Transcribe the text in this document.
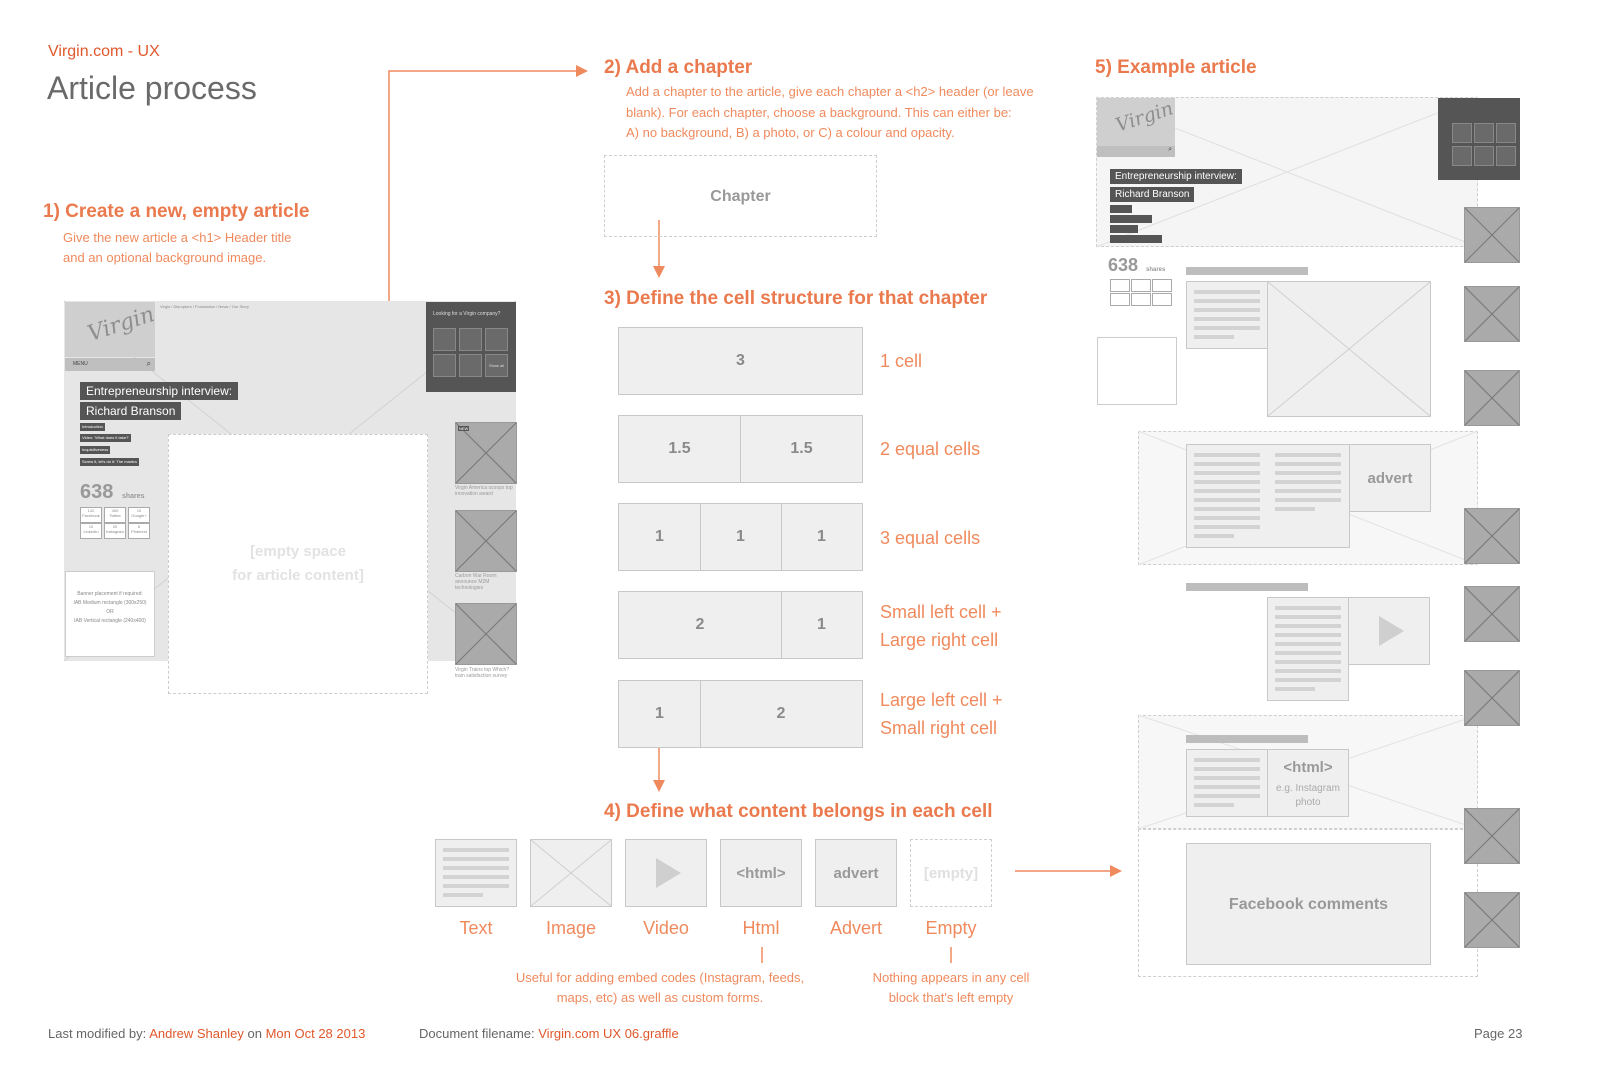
Virgin.com - UX
Article process
1) Create a new, empty article
Give the new article a <h1> Header title
and an optional background image.
Virgin
MENU	⌕
Virgin / Disruptors / Foundation / News / Our Story
Looking for a Virgin company?
Show all
Entrepreneurship interview:
Richard Branson
Introduction
Video: 'What does it take?'
Inquisitiveness
Screw it, let's do it: The mantra
638 shares
142
Facebook
400
Twitter
10
Google+
10
LinkedIn
20
Instagram
6
Pinterest
Banner placement if required:
IAB Medium rectangle (300x250)
OR
IAB Vertical rectangle (240x400)
[empty space
for article content]
NEW
Virgin America scoops top innovation award
Carbon War Room announce M2M technologies
Virgin Trains top Which? train satisfaction survey
2) Add a chapter
Add a chapter to the article, give each chapter a <h2> header (or leave
blank). For each chapter, choose a background. This can either be:
A) no background, B) a photo, or C) a colour and opacity.
Chapter
3) Define the cell structure for that chapter
3	1 cell
1.5	1.5	2 equal cells
1	1	1	3 equal cells
2	1
Small left cell +
Large right cell
1	2
Large left cell +
Small right cell
4) Define what content belongs in each cell
<html>	advert	[empty]
Text	Image	Video	Html	Advert	Empty
Useful for adding embed codes (Instagram, feeds,
maps, etc) as well as custom forms.
Nothing appears in any cell
block that's left empty
5) Example article
Virgin
⌕
Entrepreneurship interview:
Richard Branson
638 shares
advert
<html>
e.g. Instagram
photo
Facebook comments
Last modified by: Andrew Shanley on Mon Oct 28 2013	Document filename: Virgin.com UX 06.graffle	Page 23
